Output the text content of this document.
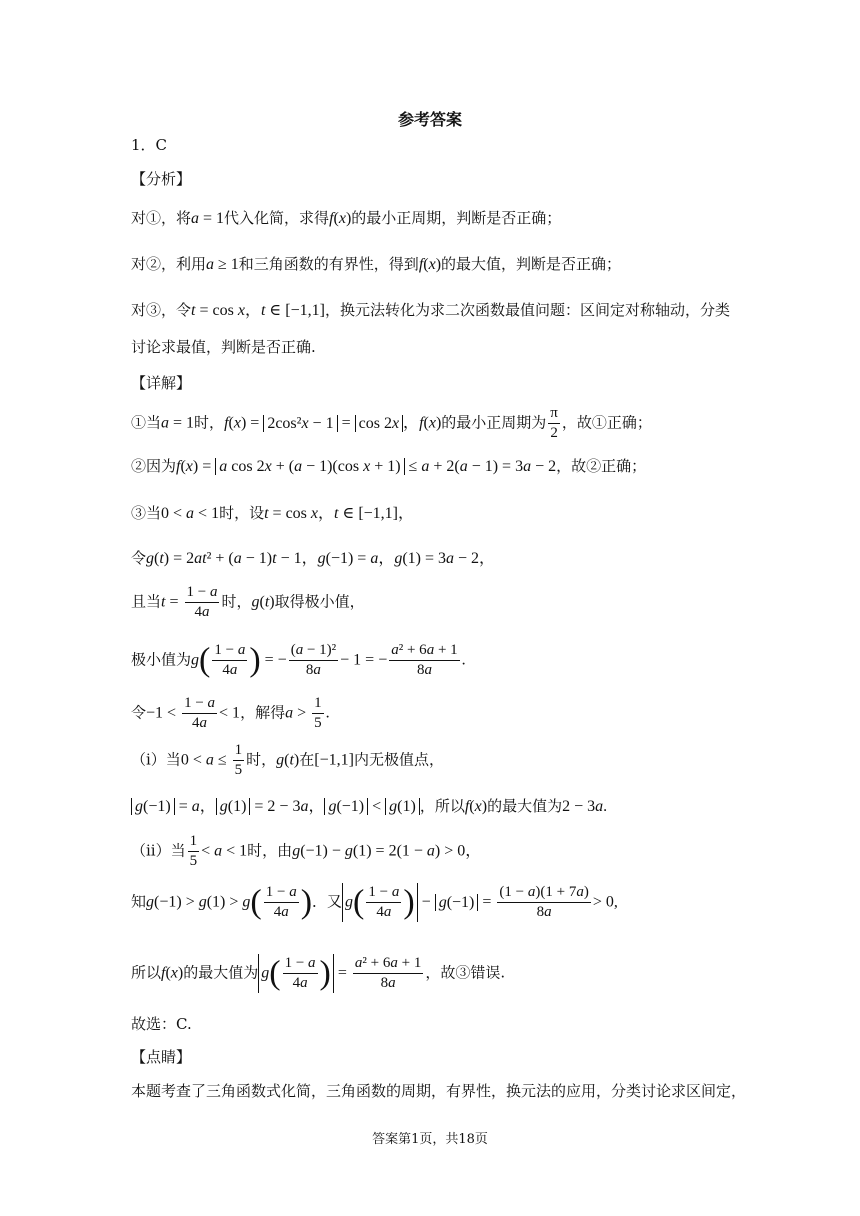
参考答案
1．C
【分析】
对①，将a = 1代入化简，求得f(x)的最小正周期，判断是否正确；
对②，利用a ≥ 1和三角函数的有界性，得到f(x)的最大值，判断是否正确；
对③，令t = cos x，t ∈ [−1,1]，换元法转化为求二次函数最值问题：区间定对称轴动，分类
讨论求最值，判断是否正确.
【详解】
①当a = 1时，f(x) = 2cos²x − 1 = cos 2x ，f(x)的最小正周期为 $\frac{\pi}{2}$ ，故①正确；
②因为f(x) = a cos 2x + (a − 1)(cos x + 1) ≤ a + 2(a − 1) = 3a − 2，故②正确；
③当0 < a < 1时，设t = cos x，t ∈ [−1,1]，
令g(t) = 2at² + (a − 1)t − 1，g(−1) = a，g(1) = 3a − 2，
且当$t = \frac{1 - a}{4a}$ 时，g(t)取得极小值，
极小值为$g( \frac{1 - a}{4a}$ ) = − $\frac{\text{(a − 1)²}}{8a} - 1$ = − $\frac{\text{a² + 6a + 1}}{8a}$ .
令$-1 < \frac{1 - a}{4a} < 1$，解得$a > \frac{1}{5}$ .
（i）当$0 < a \le \frac{1}{5}$ 时，g(t)在[−1,1]内无极值点，
g(−1) = a， g(1) = 2 − 3a， g(−1) < g(1) ，所以f(x)的最大值为2 − 3a.
（ii）当 $\frac{1}{5} < a < 1$时，由g(−1) − g(1) = 2(1 − a) > 0，
知$g(-1) > g(1) > g( \frac{1 - a}{4a}$ )．又 $g( \frac{1 - a}{4a}$ ) − $g(-1) = \frac{(1 - a)(1 + 7a)}{8a} > 0$,
所以f(x)的最大值为 $g( \frac{1 - a}{4a}$ ) = $\frac{\text{a² + 6a + 1}}{8a}$ ，故③错误.
故选：C.
【点睛】
本题考查了三角函数式化简，三角函数的周期，有界性，换元法的应用，分类讨论求区间定，
答案第1页，共18页
